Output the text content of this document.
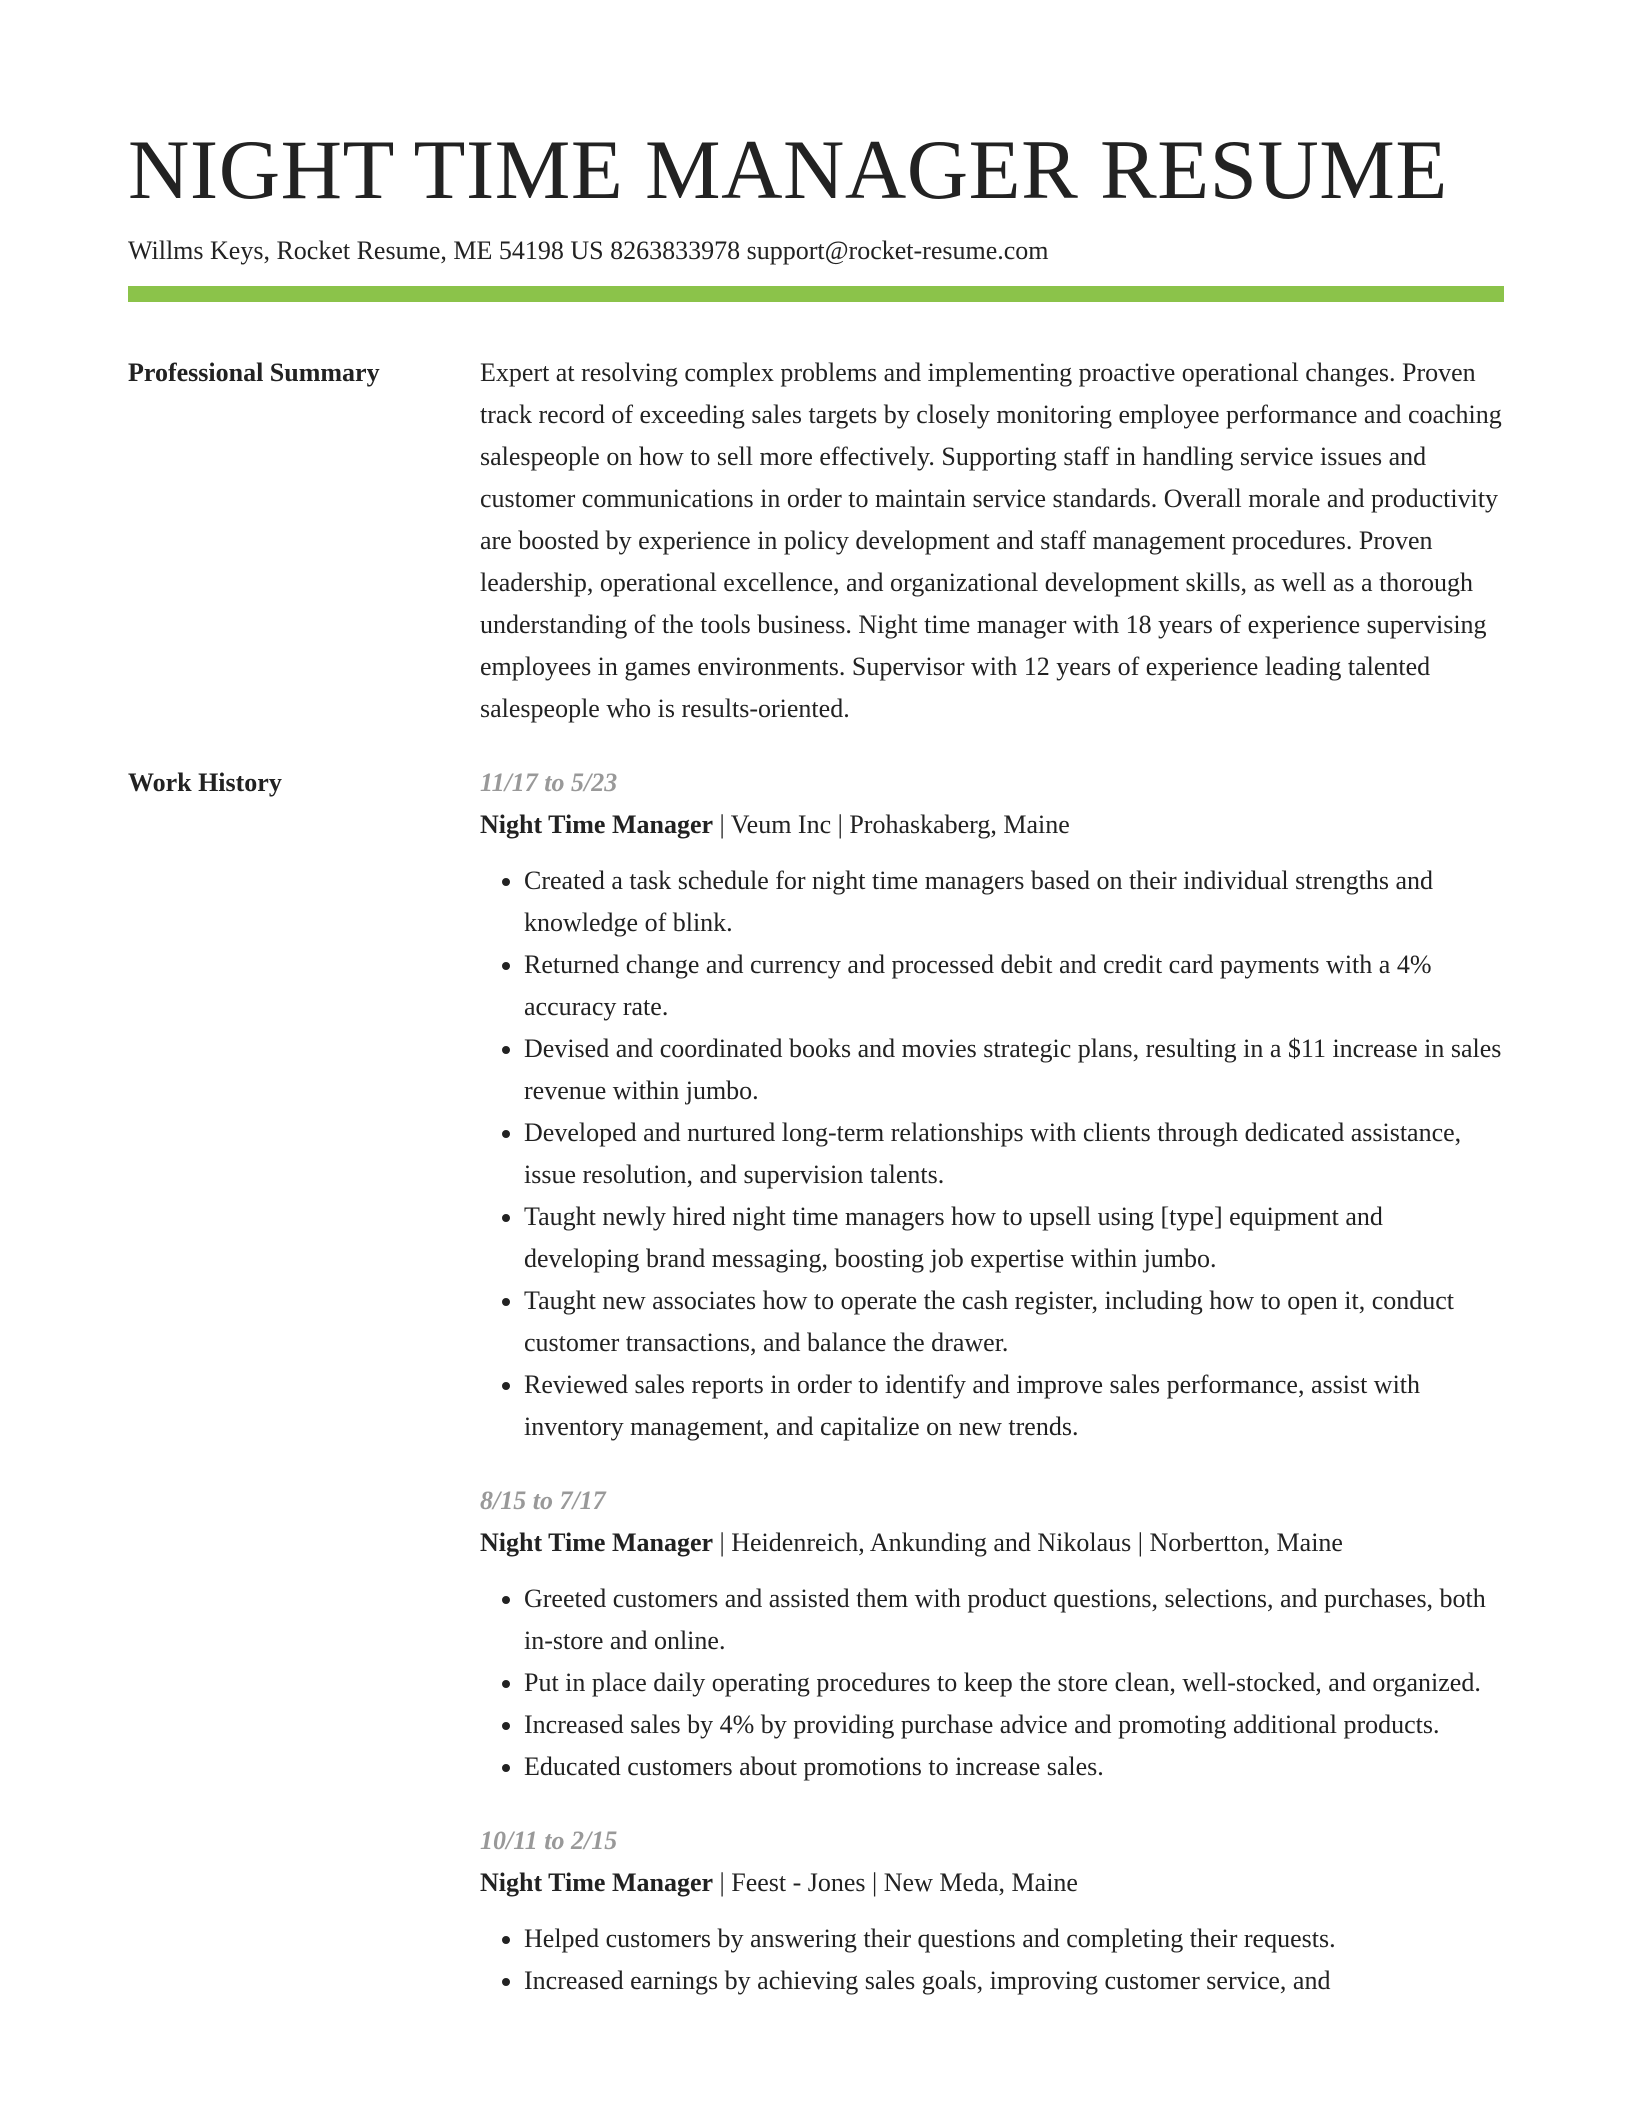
NIGHT TIME MANAGER RESUME
Willms Keys, Rocket Resume, ME 54198 US 8263833978 support@rocket-resume.com
Professional Summary	Expert at resolving complex problems and implementing proactive operational changes. Proven track record of exceeding sales targets by closely monitoring employee performance and coaching salespeople on how to sell more effectively. Supporting staff in handling service issues and customer communications in order to maintain service standards. Overall morale and productivity are boosted by experience in policy development and staff management procedures. Proven leadership, operational excellence, and organizational development skills, as well as a thorough understanding of the tools business. Night time manager with 18 years of experience supervising employees in games environments. Supervisor with 12 years of experience leading talented salespeople who is results-oriented.
Work History	11/17 to 5/23
Night Time Manager | Veum Inc | Prohaskaberg, Maine
• Created a task schedule for night time managers based on their individual strengths and knowledge of blink.
• Returned change and currency and processed debit and credit card payments with a 4% accuracy rate.
• Devised and coordinated books and movies strategic plans, resulting in a $11 increase in sales revenue within jumbo.
• Developed and nurtured long-term relationships with clients through dedicated assistance, issue resolution, and supervision talents.
• Taught newly hired night time managers how to upsell using [type] equipment and developing brand messaging, boosting job expertise within jumbo.
• Taught new associates how to operate the cash register, including how to open it, conduct customer transactions, and balance the drawer.
• Reviewed sales reports in order to identify and improve sales performance, assist with inventory management, and capitalize on new trends.
8/15 to 7/17
Night Time Manager | Heidenreich, Ankunding and Nikolaus | Norbertton, Maine
• Greeted customers and assisted them with product questions, selections, and purchases, both in-store and online.
• Put in place daily operating procedures to keep the store clean, well-stocked, and organized.
• Increased sales by 4% by providing purchase advice and promoting additional products.
• Educated customers about promotions to increase sales.
10/11 to 2/15
Night Time Manager | Feest - Jones | New Meda, Maine
• Helped customers by answering their questions and completing their requests.
• Increased earnings by achieving sales goals, improving customer service, and
